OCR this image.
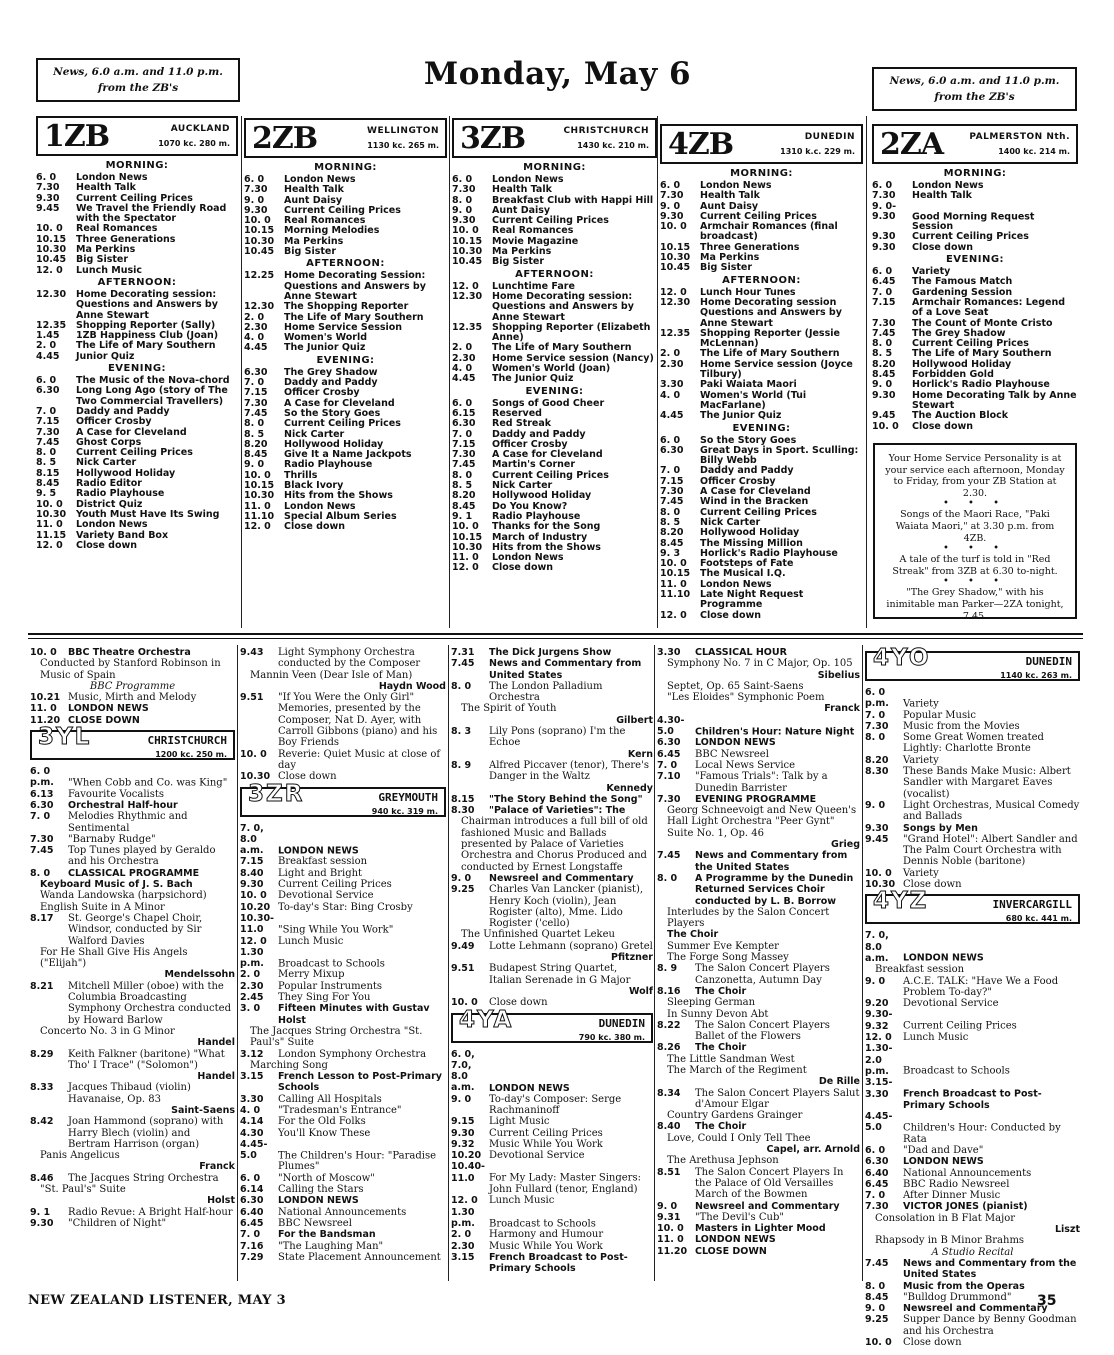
News, 6.0 a.m. and 11.0 p.m.
from the ZB's	Monday, May 6	News, 6.0 a.m. and 11.0 p.m.
from the ZB's
1ZB	AUCKLAND
1070 kc. 280 m.
MORNING:
6. 0 London News
7.30 Health Talk
9.30 Current Ceiling Prices
9.45 We Travel the Friendly Road with the Spectator
10. 0 Real Romances
10.15 Three Generations
10.30 Ma Perkins
10.45 Big Sister
12. 0 Lunch Music
AFTERNOON:
12.30 Home Decorating session: Questions and Answers by Anne Stewart
12.35 Shopping Reporter (Sally)
1.45 1ZB Happiness Club (Joan)
2. 0 The Life of Mary Southern
4.45 Junior Quiz
EVENING:
6. 0 The Music of the Nova-chord
6.30 Long Long Ago (story of The Two Commercial Travellers)
7. 0 Daddy and Paddy
7.15 Officer Crosby
7.30 A Case for Cleveland
7.45 Ghost Corps
8. 0 Current Ceiling Prices
8. 5 Nick Carter
8.15 Hollywood Holiday
8.45 Radio Editor
9. 5 Radio Playhouse
10. 0 District Quiz
10.30 Youth Must Have Its Swing
11. 0 London News
11.15 Variety Band Box
12. 0 Close down
2ZB	WELLINGTON
1130 kc. 265 m.
MORNING:
6. 0 London News
7.30 Health Talk
9. 0 Aunt Daisy
9.30 Current Ceiling Prices
10. 0 Real Romances
10.15 Morning Melodies
10.30 Ma Perkins
10.45 Big Sister
AFTERNOON:
12.25 Home Decorating Session: Questions and Answers by Anne Stewart
12.30 The Shopping Reporter
2. 0 The Life of Mary Southern
2.30 Home Service Session
4. 0 Women's World
4.45 The Junior Quiz
EVENING:
6.30 The Grey Shadow
7. 0 Daddy and Paddy
7.15 Officer Crosby
7.30 A Case for Cleveland
7.45 So the Story Goes
8. 0 Current Ceiling Prices
8. 5 Nick Carter
8.20 Hollywood Holiday
8.45 Give It a Name Jackpots
9. 0 Radio Playhouse
10. 0 Thrills
10.15 Black Ivory
10.30 Hits from the Shows
11. 0 London News
11.10 Special Album Series
12. 0 Close down
3ZB	CHRISTCHURCH
1430 kc. 210 m.
MORNING:
6. 0 London News
7.30 Health Talk
8. 0 Breakfast Club with Happi Hill
9. 0 Aunt Daisy
9.30 Current Ceiling Prices
10. 0 Real Romances
10.15 Movie Magazine
10.30 Ma Perkins
10.45 Big Sister
AFTERNOON:
12. 0 Lunchtime Fare
12.30 Home Decorating session: Questions and Answers by Anne Stewart
12.35 Shopping Reporter (Elizabeth Anne)
2. 0 The Life of Mary Southern
2.30 Home Service session (Nancy)
4. 0 Women's World (Joan)
4.45 The Junior Quiz
EVENING:
6. 0 Songs of Good Cheer
6.15 Reserved
6.30 Red Streak
7. 0 Daddy and Paddy
7.15 Officer Crosby
7.30 A Case for Cleveland
7.45 Martin's Corner
8. 0 Current Ceiling Prices
8. 5 Nick Carter
8.20 Hollywood Holiday
8.45 Do You Know?
9. 1 Radio Playhouse
10. 0 Thanks for the Song
10.15 March of Industry
10.30 Hits from the Shows
11. 0 London News
12. 0 Close down
4ZB	DUNEDIN
1310 k.c. 229 m.
MORNING:
6. 0 London News
7.30 Health Talk
9. 0 Aunt Daisy
9.30 Current Ceiling Prices
10. 0 Armchair Romances (final broadcast)
10.15 Three Generations
10.30 Ma Perkins
10.45 Big Sister
AFTERNOON:
12. 0 Lunch Hour Tunes
12.30 Home Decorating session Questions and Answers by Anne Stewart
12.35 Shopping Reporter (Jessie McLennan)
2. 0 The Life of Mary Southern
2.30 Home Service session (Joyce Tilbury)
3.30 Paki Waiata Maori
4. 0 Women's World (Tui MacFarlane)
4.45 The Junior Quiz
EVENING:
6. 0 So the Story Goes
6.30 Great Days in Sport. Sculling: Billy Webb
7. 0 Daddy and Paddy
7.15 Officer Crosby
7.30 A Case for Cleveland
7.45 Wind in the Bracken
8. 0 Current Ceiling Prices
8. 5 Nick Carter
8.20 Hollywood Holiday
8.45 The Missing Million
9. 3 Horlick's Radio Playhouse
10. 0 Footsteps of Fate
10.15 The Musical I.Q.
11. 0 London News
11.10 Late Night Request Programme
12. 0 Close down
2ZA	PALMERSTON Nth.
1400 kc. 214 m.
MORNING:
6. 0 London News
7.30 Health Talk
9. 0-9.30 Good Morning Request Session
9.30 Current Ceiling Prices
9.30 Close down
EVENING:
6. 0 Variety
6.45 The Famous Match
7. 0 Gardening Session
7.15 Armchair Romances: Legend of a Love Seat
7.30 The Count of Monte Cristo
7.45 The Grey Shadow
8. 0 Current Ceiling Prices
8. 5 The Life of Mary Southern
8.20 Hollywood Holiday
8.45 Forbidden Gold
9. 0 Horlick's Radio Playhouse
9.30 Home Decorating Talk by Anne Stewart
9.45 The Auction Block
10. 0 Close down
Your Home Service Personality is at your service each afternoon, Monday to Friday, from your ZB Station at 2.30.
• • •
Songs of the Maori Race, "Paki Waiata Maori," at 3.30 p.m. from 4ZB.
• • •
A tale of the turf is told in "Red Streak" from 3ZB at 6.30 to-night.
• • •
"The Grey Shadow," with his inimitable man Parker—2ZA tonight, 7.45.
10. 0 BBC Theatre Orchestra
Conducted by Stanford Robinson in
Music of Spain
BBC Programme
10.21 Music, Mirth and Melody
11. 0 LONDON NEWS
11.20 CLOSE DOWN
3YL	CHRISTCHURCH
1200 kc. 250 m.
6. 0 p.m. "When Cobb and Co. was King"
6.13 Favourite Vocalists
6.30 Orchestral Half-hour
7. 0 Melodies Rhythmic and Sentimental
7.30 "Barnaby Rudge"
7.45 Top Tunes played by Geraldo and his Orchestra
8. 0 CLASSICAL PROGRAMME
Keyboard Music of J. S. Bach
Wanda Landowska (harpsichord) English Suite in A Minor
8.17 St. George's Chapel Choir, Windsor, conducted by Sir Walford Davies
For He Shall Give His Angels ("Elijah")
Mendelssohn
8.21 Mitchell Miller (oboe) with the Columbia Broadcasting Symphony Orchestra conducted by Howard Barlow
Concerto No. 3 in G Minor
Handel
8.29 Keith Falkner (baritone) "What Tho' I Trace" ("Solomon")
Handel
8.33 Jacques Thibaud (violin) Havanaise, Op. 83
Saint-Saens
8.42 Joan Hammond (soprano) with Harry Blech (violin) and Bertram Harrison (organ)
Panis Angelicus
Franck
8.46 The Jacques String Orchestra
"St. Paul's" Suite
Holst
9. 1 Radio Revue: A Bright Half-hour
9.30 "Children of Night"
9.43 Light Symphony Orchestra conducted by the Composer
Mannin Veen (Dear Isle of Man)
Haydn Wood
9.51 "If You Were the Only Girl" Memories, presented by the Composer, Nat D. Ayer, with Carroll Gibbons (piano) and his Boy Friends
10. 0 Reverie: Quiet Music at close of day
10.30 Close down
3ZR	GREYMOUTH
940 kc. 319 m.
7. 0, 8.0 a.m. LONDON NEWS
7.15 Breakfast session
8.40 Light and Bright
9.30 Current Ceiling Prices
10. 0 Devotional Service
10.20 To-day's Star: Bing Crosby
10.30-11.0 "Sing While You Work"
12. 0 Lunch Music
1.30 p.m. Broadcast to Schools
2. 0 Merry Mixup
2.30 Popular Instruments
2.45 They Sing For You
3. 0 Fifteen Minutes with Gustav Holst
The Jacques String Orchestra "St. Paul's" Suite
3.12 London Symphony Orchestra
Marching Song
3.15 French Lesson to Post-Primary Schools
3.30 Calling All Hospitals
4. 0 "Tradesman's Entrance"
4.14 For the Old Folks
4.30 You'll Know These
4.45-5.0 The Children's Hour: "Paradise Plumes"
6. 0 "North of Moscow"
6.14 Calling the Stars
6.30 LONDON NEWS
6.40 National Announcements
6.45 BBC Newsreel
7. 0 For the Bandsman
7.16 "The Laughing Man"
7.29 State Placement Announcement
7.31 The Dick Jurgens Show
7.45 News and Commentary from United States
8. 0 The London Palladium Orchestra
The Spirit of Youth
Gilbert
8. 3 Lily Pons (soprano) I'm the Echoe
Kern
8. 9 Alfred Piccaver (tenor), There's Danger in the Waltz
Kennedy
8.15 "The Story Behind the Song"
8.30 "Palace of Varieties": The
Chairman introduces a full bill of old fashioned Music and Ballads presented by Palace of Varieties Orchestra and Chorus Produced and conducted by Ernest Longstaffe
9. 0 Newsreel and Commentary
9.25 Charles Van Lancker (pianist), Henry Koch (violin), Jean Rogister (alto), Mme. Lido Rogister ('cello)
The Unfinished Quartet Lekeu
9.49 Lotte Lehmann (soprano) Gretel
Pfitzner
9.51 Budapest String Quartet, Italian Serenade in G Major
Wolf
10. 0 Close down
4YA	DUNEDIN
790 kc. 380 m.
6. 0, 7.0, 8.0 a.m. LONDON NEWS
9. 0 To-day's Composer: Serge Rachmaninoff
9.15 Light Music
9.30 Current Ceiling Prices
9.32 Music While You Work
10.20 Devotional Service
10.40-11.0 For My Lady: Master Singers: John Fullard (tenor, England)
12. 0 Lunch Music
1.30 p.m. Broadcast to Schools
2. 0 Harmony and Humour
2.30 Music While You Work
3.15 French Broadcast to Post-Primary Schools
3.30 CLASSICAL HOUR
Symphony No. 7 in C Major, Op. 105
Sibelius
Septet, Op. 65 Saint-Saens
"Les Eloides" Symphonic Poem
Franck
4.30-5.0 Children's Hour: Nature Night
6.30 LONDON NEWS
6.45 BBC Newsreel
7. 0 Local News Service
7.10 "Famous Trials": Talk by a Dunedin Barrister
7.30 EVENING PROGRAMME
Georg Schneevoigt and New Queen's Hall Light Orchestra "Peer Gynt" Suite No. 1, Op. 46
Grieg
7.45 News and Commentary from the United States
8. 0 A Programme by the Dunedin Returned Services Choir conducted by L. B. Borrow
Interludes by the Salon Concert Players
The Choir
Summer Eve Kempter
The Forge Song Massey
8. 9 The Salon Concert Players Canzonetta, Autumn Day
8.16 The Choir
Sleeping German
In Sunny Devon Abt
8.22 The Salon Concert Players Ballet of the Flowers
8.26 The Choir
The Little Sandman West
The March of the Regiment
De Rille
8.34 The Salon Concert Players Salut d'Amour Elgar
Country Gardens Grainger
8.40 The Choir
Love, Could I Only Tell Thee
Capel, arr. Arnold
The Arethusa Jephson
8.51 The Salon Concert Players In the Palace of Old Versailles March of the Bowmen
9. 0 Newsreel and Commentary
9.31 "The Devil's Cub"
10. 0 Masters in Lighter Mood
11. 0 LONDON NEWS
11.20 CLOSE DOWN
4YO	DUNEDIN
1140 kc. 263 m.
6. 0 p.m. Variety
7. 0 Popular Music
7.30 Music from the Movies
8. 0 Some Great Women treated Lightly: Charlotte Bronte
8.20 Variety
8.30 These Bands Make Music: Albert Sandler with Margaret Eaves (vocalist)
9. 0 Light Orchestras, Musical Comedy and Ballads
9.30 Songs by Men
9.45 "Grand Hotel": Albert Sandler and The Palm Court Orchestra with Dennis Noble (baritone)
10. 0 Variety
10.30 Close down
4YZ	INVERCARGILL
680 kc. 441 m.
7. 0, 8.0 a.m. LONDON NEWS
Breakfast session
9. 0 A.C.E. TALK: "Have We a Food Problem To-day?"
9.20 Devotional Service
9.30-9.32 Current Ceiling Prices
12. 0 Lunch Music
1.30-2.0 p.m. Broadcast to Schools
3.15-3.30 French Broadcast to Post-Primary Schools
4.45-5.0 Children's Hour: Conducted by Rata
6. 0 "Dad and Dave"
6.30 LONDON NEWS
6.40 National Announcements
6.45 BBC Radio Newsreel
7. 0 After Dinner Music
7.30 VICTOR JONES (pianist)
Consolation in B Flat Major
Liszt
Rhapsody in B Minor Brahms
A Studio Recital
7.45 News and Commentary from the United States
8. 0 Music from the Operas
8.45 "Bulldog Drummond"
9. 0 Newsreel and Commentary
9.25 Supper Dance by Benny Goodman and his Orchestra
10. 0 Close down
NEW ZEALAND LISTENER, MAY 3	35
